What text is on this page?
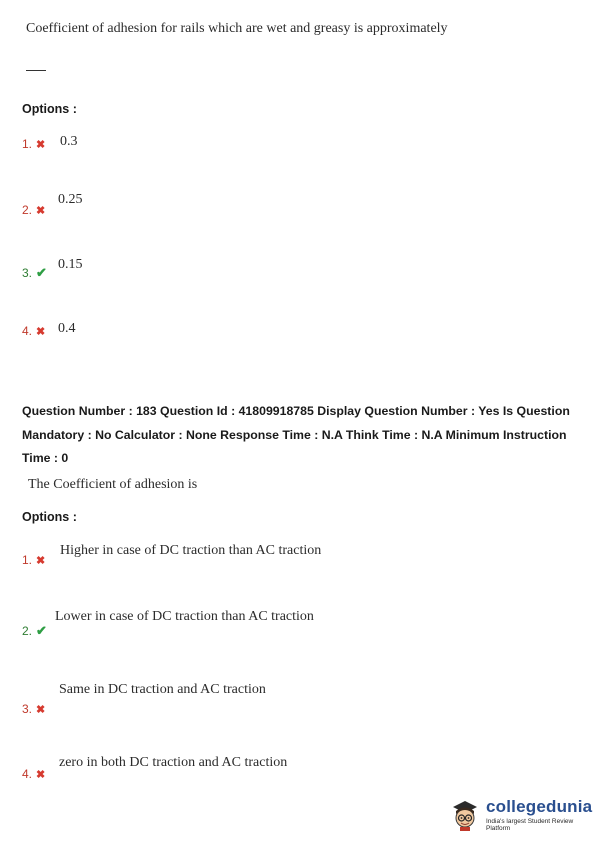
Coefficient of adhesion for rails which are wet and greasy is approximately
Options :
1. ✖ 0.3
2. ✖
0.25
3. ✔
0.15
4. ✖ 0.4
Question Number : 183 Question Id : 41809918785 Display Question Number : Yes Is Question Mandatory : No Calculator : None Response Time : N.A Think Time : N.A Minimum Instruction Time : 0
The Coefficient of adhesion is
Options :
1. ✖
Higher in case of DC traction than AC traction
2. ✔
Lower in case of DC traction than AC traction
3. ✖
Same in DC traction and AC traction
4. ✖
zero in both DC traction and AC traction
collegedunia
India's largest Student Review Platform
